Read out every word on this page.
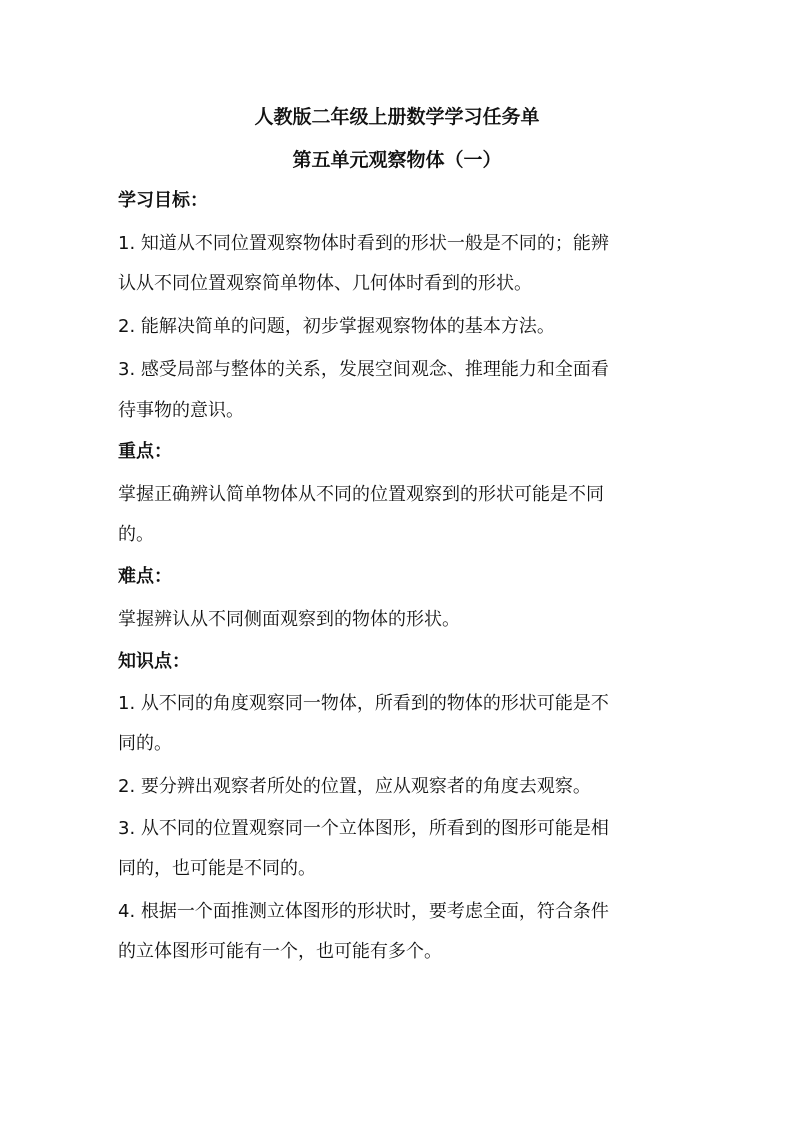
人教版二年级上册数学学习任务单
第五单元观察物体（一）
学习目标：
1. 知道从不同位置观察物体时看到的形状一般是不同的；能辨
认从不同位置观察简单物体、几何体时看到的形状。
2. 能解决简单的问题，初步掌握观察物体的基本方法。
3. 感受局部与整体的关系，发展空间观念、推理能力和全面看
待事物的意识。
重点：
掌握正确辨认简单物体从不同的位置观察到的形状可能是不同
的。
难点：
掌握辨认从不同侧面观察到的物体的形状。
知识点：
1. 从不同的角度观察同一物体，所看到的物体的形状可能是不
同的。
2. 要分辨出观察者所处的位置，应从观察者的角度去观察。
3. 从不同的位置观察同一个立体图形，所看到的图形可能是相
同的，也可能是不同的。
4. 根据一个面推测立体图形的形状时，要考虑全面，符合条件
的立体图形可能有一个，也可能有多个。
